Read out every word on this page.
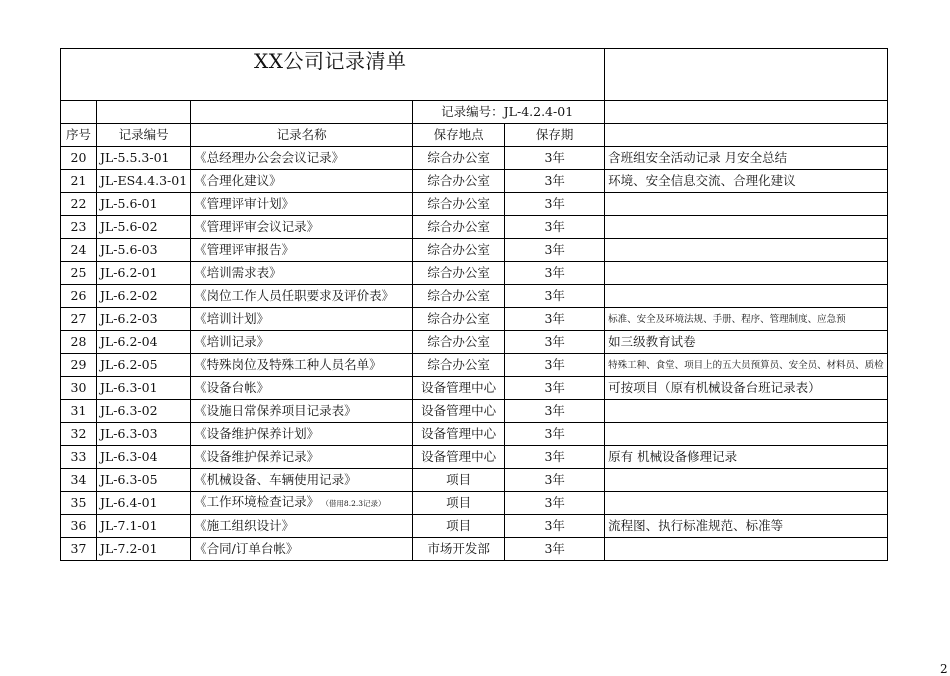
XX公司记录清单					
			记录编号：JL-4.2.4-01		
序号	记录编号	记录名称	保存地点	保存期	
20	JL-5.5.3-01	《总经理办公会会议记录》	综合办公室	3年	含班组安全活动记录 月安全总结
21	JL-ES4.4.3-01	《合理化建议》	综合办公室	3年	环境、安全信息交流、合理化建议
22	JL-5.6-01	《管理评审计划》	综合办公室	3年	
23	JL-5.6-02	《管理评审会议记录》	综合办公室	3年	
24	JL-5.6-03	《管理评审报告》	综合办公室	3年	
25	JL-6.2-01	《培训需求表》	综合办公室	3年	
26	JL-6.2-02	《岗位工作人员任职要求及评价表》	综合办公室	3年	
27	JL-6.2-03	《培训计划》	综合办公室	3年	标准、安全及环境法规、手册、程序、管理制度、应急预
28	JL-6.2-04	《培训记录》	综合办公室	3年	如三级教育试卷
29	JL-6.2-05	《特殊岗位及特殊工种人员名单》	综合办公室	3年	特殊工种、食堂、项目上的五大员预算员、安全员、材料员、质检
30	JL-6.3-01	《设备台帐》	设备管理中心	3年	可按项目（原有机械设备台班记录表）
31	JL-6.3-02	《设施日常保养项目记录表》	设备管理中心	3年	
32	JL-6.3-03	《设备维护保养计划》	设备管理中心	3年	
33	JL-6.3-04	《设备维护保养记录》	设备管理中心	3年	原有 机械设备修理记录
34	JL-6.3-05	《机械设备、车辆使用记录》	项目	3年	
35	JL-6.4-01	《工作环境检查记录》 （借用8.2.3记录）	项目	3年	
36	JL-7.1-01	《施工组织设计》	项目	3年	流程图、执行标准规范、标准等
37	JL-7.2-01	《合同/订单台帐》	市场开发部	3年	
2
